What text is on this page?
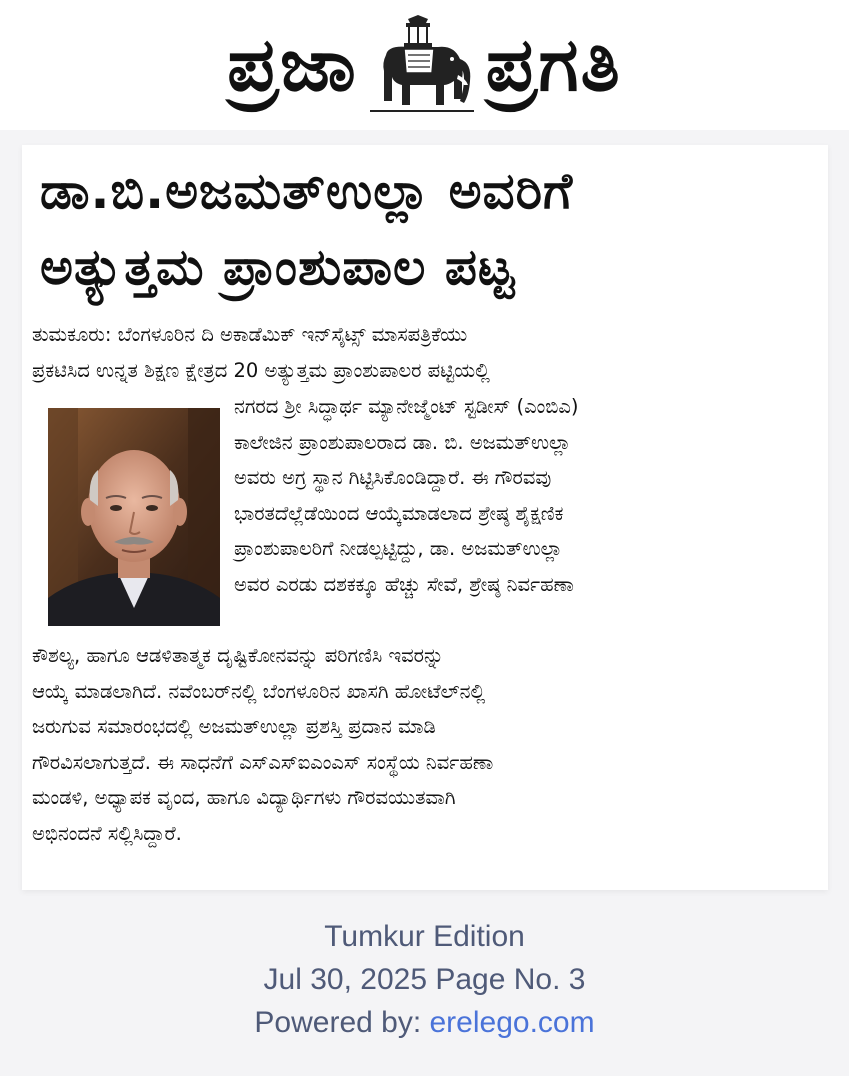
ಪ್ರಜಾ ಪ್ರಗತಿ
ಡಾ.ಬಿ.ಅಜಮತ್‌ಉಲ್ಲಾ ಅವರಿಗೆ
ಅತ್ಯುತ್ತಮ ಪ್ರಾಂಶುಪಾಲ ಪಟ್ಟ
ತುಮಕೂರು: ಬೆಂಗಳೂರಿನ ದಿ ಅಕಾಡೆಮಿಕ್ ಇನ್‌ಸೈಟ್ಸ್ ಮಾಸಪತ್ರಿಕೆಯು
ಪ್ರಕಟಿಸಿದ ಉನ್ನತ ಶಿಕ್ಷಣ ಕ್ಷೇತ್ರದ 20 ಅತ್ಯುತ್ತಮ ಪ್ರಾಂಶುಪಾಲರ ಪಟ್ಟಿಯಲ್ಲಿ
ನಗರದ ಶ್ರೀ ಸಿದ್ಧಾರ್ಥ ಮ್ಯಾನೇಜ್ಮೆಂಟ್ ಸ್ಟಡೀಸ್ (ಎಂಬಿಎ)
ಕಾಲೇಜಿನ ಪ್ರಾಂಶುಪಾಲರಾದ ಡಾ. ಬಿ. ಅಜಮತ್‌ಉಲ್ಲಾ
ಅವರು ಅಗ್ರ ಸ್ಥಾನ ಗಿಟ್ಟಿಸಿಕೊಂಡಿದ್ದಾರೆ. ಈ ಗೌರವವು
ಭಾರತದೆಲ್ಲೆಡೆಯಿಂದ ಆಯ್ಕೆಮಾಡಲಾದ ಶ್ರೇಷ್ಠ ಶೈಕ್ಷಣಿಕ
ಪ್ರಾಂಶುಪಾಲರಿಗೆ ನೀಡಲ್ಪಟ್ಟಿದ್ದು, ಡಾ. ಅಜಮತ್‌ಉಲ್ಲಾ
ಅವರ ಎರಡು ದಶಕಕ್ಕೂ ಹೆಚ್ಚು ಸೇವೆ, ಶ್ರೇಷ್ಠ ನಿರ್ವಹಣಾ
ಕೌಶಲ್ಯ, ಹಾಗೂ ಆಡಳಿತಾತ್ಮಕ ದೃಷ್ಟಿಕೋನವನ್ನು ಪರಿಗಣಿಸಿ ಇವರನ್ನು
ಆಯ್ಕೆ ಮಾಡಲಾಗಿದೆ. ನವೆಂಬರ್‌ನಲ್ಲಿ ಬೆಂಗಳೂರಿನ ಖಾಸಗಿ ಹೋಟೆಲ್‌ನಲ್ಲಿ
ಜರುಗುವ ಸಮಾರಂಭದಲ್ಲಿ ಅಜಮತ್‌ಉಲ್ಲಾ ಪ್ರಶಸ್ತಿ ಪ್ರದಾನ ಮಾಡಿ
ಗೌರವಿಸಲಾಗುತ್ತದೆ. ಈ ಸಾಧನೆಗೆ ಎಸ್‌ಎಸ್‌ಐಎಂಎಸ್ ಸಂಸ್ಥೆಯ ನಿರ್ವಹಣಾ
ಮಂಡಳಿ, ಅಧ್ಯಾಪಕ ವೃಂದ, ಹಾಗೂ ವಿದ್ಯಾರ್ಥಿಗಳು ಗೌರವಯುತವಾಗಿ
ಅಭಿನಂದನೆ ಸಲ್ಲಿಸಿದ್ದಾರೆ.
Tumkur Edition
Jul 30, 2025 Page No. 3
Powered by: erelego.com
